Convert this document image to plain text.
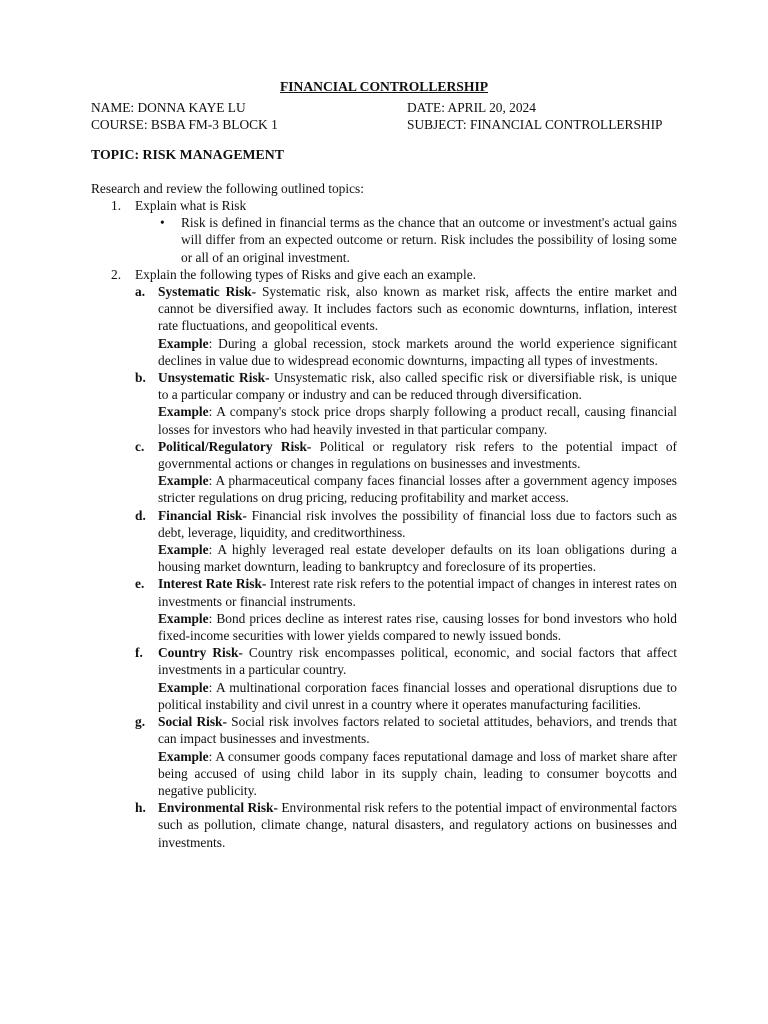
FINANCIAL CONTROLLERSHIP
NAME: DONNA KAYE LU	DATE: APRIL 20, 2024
COURSE: BSBA FM-3 BLOCK 1	SUBJECT: FINANCIAL CONTROLLERSHIP
TOPIC: RISK MANAGEMENT
Research and review the following outlined topics:
1.	Explain what is Risk
•	Risk is defined in financial terms as the chance that an outcome or investment's actual gains will differ from an expected outcome or return. Risk includes the possibility of losing some or all of an original investment.
2.	Explain the following types of Risks and give each an example.
a. Systematic Risk- Systematic risk, also known as market risk, affects the entire market and cannot be diversified away. It includes factors such as economic downturns, inflation, interest rate fluctuations, and geopolitical events.
Example: During a global recession, stock markets around the world experience significant declines in value due to widespread economic downturns, impacting all types of investments.
b. Unsystematic Risk- Unsystematic risk, also called specific risk or diversifiable risk, is unique to a particular company or industry and can be reduced through diversification.
Example: A company's stock price drops sharply following a product recall, causing financial losses for investors who had heavily invested in that particular company.
c.	Political/Regulatory Risk- Political or regulatory risk refers to the potential impact of governmental actions or changes in regulations on businesses and investments.
Example: A pharmaceutical company faces financial losses after a government agency imposes stricter regulations on drug pricing, reducing profitability and market access.
d. Financial Risk- Financial risk involves the possibility of financial loss due to factors such as debt, leverage, liquidity, and creditworthiness.
Example: A highly leveraged real estate developer defaults on its loan obligations during a housing market downturn, leading to bankruptcy and foreclosure of its properties.
e.	Interest Rate Risk- Interest rate risk refers to the potential impact of changes in interest rates on investments or financial instruments.
Example: Bond prices decline as interest rates rise, causing losses for bond investors who hold fixed-income securities with lower yields compared to newly issued bonds.
f.	Country Risk- Country risk encompasses political, economic, and social factors that affect investments in a particular country.
Example: A multinational corporation faces financial losses and operational disruptions due to political instability and civil unrest in a country where it operates manufacturing facilities.
g. Social Risk- Social risk involves factors related to societal attitudes, behaviors, and trends that can impact businesses and investments.
Example: A consumer goods company faces reputational damage and loss of market share after being accused of using child labor in its supply chain, leading to consumer boycotts and negative publicity.
h. Environmental Risk- Environmental risk refers to the potential impact of environmental factors such as pollution, climate change, natural disasters, and regulatory actions on businesses and investments.
